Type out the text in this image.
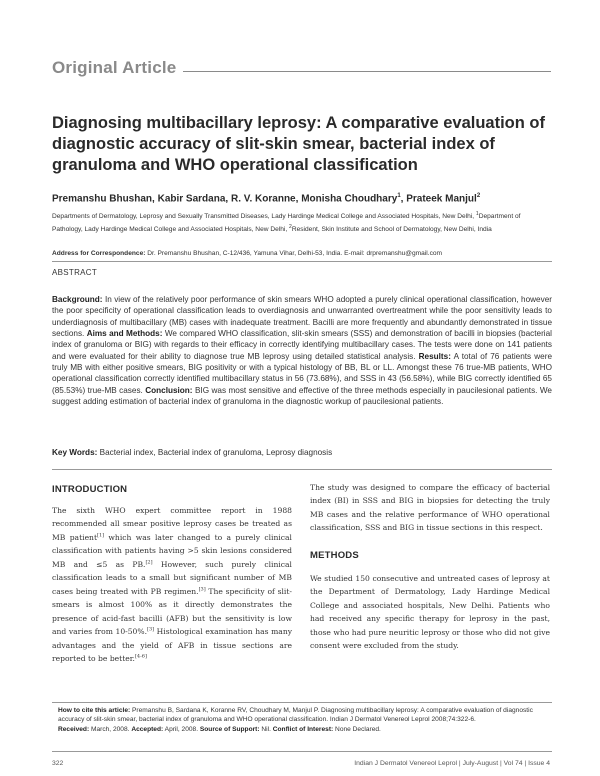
Original Article
Diagnosing multibacillary leprosy: A comparative evaluation of diagnostic accuracy of slit-skin smear, bacterial index of granuloma and WHO operational classification
Premanshu Bhushan, Kabir Sardana, R. V. Koranne, Monisha Choudhary$^1$, Prateek Manjul$^2$
Departments of Dermatology, Leprosy and Sexually Transmitted Diseases, Lady Hardinge Medical College and Associated Hospitals, New Delhi, $^1$Department of Pathology, Lady Hardinge Medical College and Associated Hospitals, New Delhi, $^2$Resident, Skin Institute and School of Dermatology, New Delhi, India
Address for Correspondence: Dr. Premanshu Bhushan, C-12/436, Yamuna Vihar, Delhi-53, India. E-mail: drpremanshu@gmail.com
ABSTRACT
Background: In view of the relatively poor performance of skin smears WHO adopted a purely clinical operational classification, however the poor specificity of operational classification leads to overdiagnosis and unwarranted overtreatment while the poor sensitivity leads to underdiagnosis of multibacillary (MB) cases with inadequate treatment. Bacilli are more frequently and abundantly demonstrated in tissue sections. Aims and Methods: We compared WHO classification, slit-skin smears (SSS) and demonstration of bacilli in biopsies (bacterial index of granuloma or BIG) with regards to their efficacy in correctly identifying multibacillary cases. The tests were done on 141 patients and were evaluated for their ability to diagnose true MB leprosy using detailed statistical analysis. Results: A total of 76 patients were truly MB with either positive smears, BIG positivity or with a typical histology of BB, BL or LL. Amongst these 76 true-MB patients, WHO operational classification correctly identified multibacillary status in 56 (73.68%), and SSS in 43 (56.58%), while BIG correctly identified 65 (85.53%) true-MB cases. Conclusion: BIG was most sensitive and effective of the three methods especially in paucilesional patients. We suggest adding estimation of bacterial index of granuloma in the diagnostic workup of paucilesional patients.
Key Words: Bacterial index, Bacterial index of granuloma, Leprosy diagnosis
INTRODUCTION
The sixth WHO expert committee report in 1988 recommended all smear positive leprosy cases be treated as MB patient[1] which was later changed to a purely clinical classification with patients having >5 skin lesions considered MB and ≤5 as PB.[2] However, such purely clinical classification leads to a small but significant number of MB cases being treated with PB regimen.[3] The specificity of slit-smears is almost 100% as it directly demonstrates the presence of acid-fast bacilli (AFB) but the sensitivity is low and varies from 10-50%.[3] Histological examination has many advantages and the yield of AFB in tissue sections are reported to be better.[4-6]
The study was designed to compare the efficacy of bacterial index (BI) in SSS and BIG in biopsies for detecting the truly MB cases and the relative performance of WHO operational classification, SSS and BIG in tissue sections in this respect.
METHODS
We studied 150 consecutive and untreated cases of leprosy at the Department of Dermatology, Lady Hardinge Medical College and associated hospitals, New Delhi. Patients who had received any specific therapy for leprosy in the past, those who had pure neuritic leprosy or those who did not give consent were excluded from the study.
How to cite this article: Premanshu B, Sardana K, Koranne RV, Choudhary M, Manjul P. Diagnosing multibacillary leprosy: A comparative evaluation of diagnostic accuracy of slit-skin smear, bacterial index of granuloma and WHO operational classification. Indian J Dermatol Venereol Leprol 2008;74:322-6.
Received: March, 2008. Accepted: April, 2008. Source of Support: Nil. Conflict of Interest: None Declared.
322	Indian J Dermatol Venereol Leprol | July-August | Vol 74 | Issue 4
